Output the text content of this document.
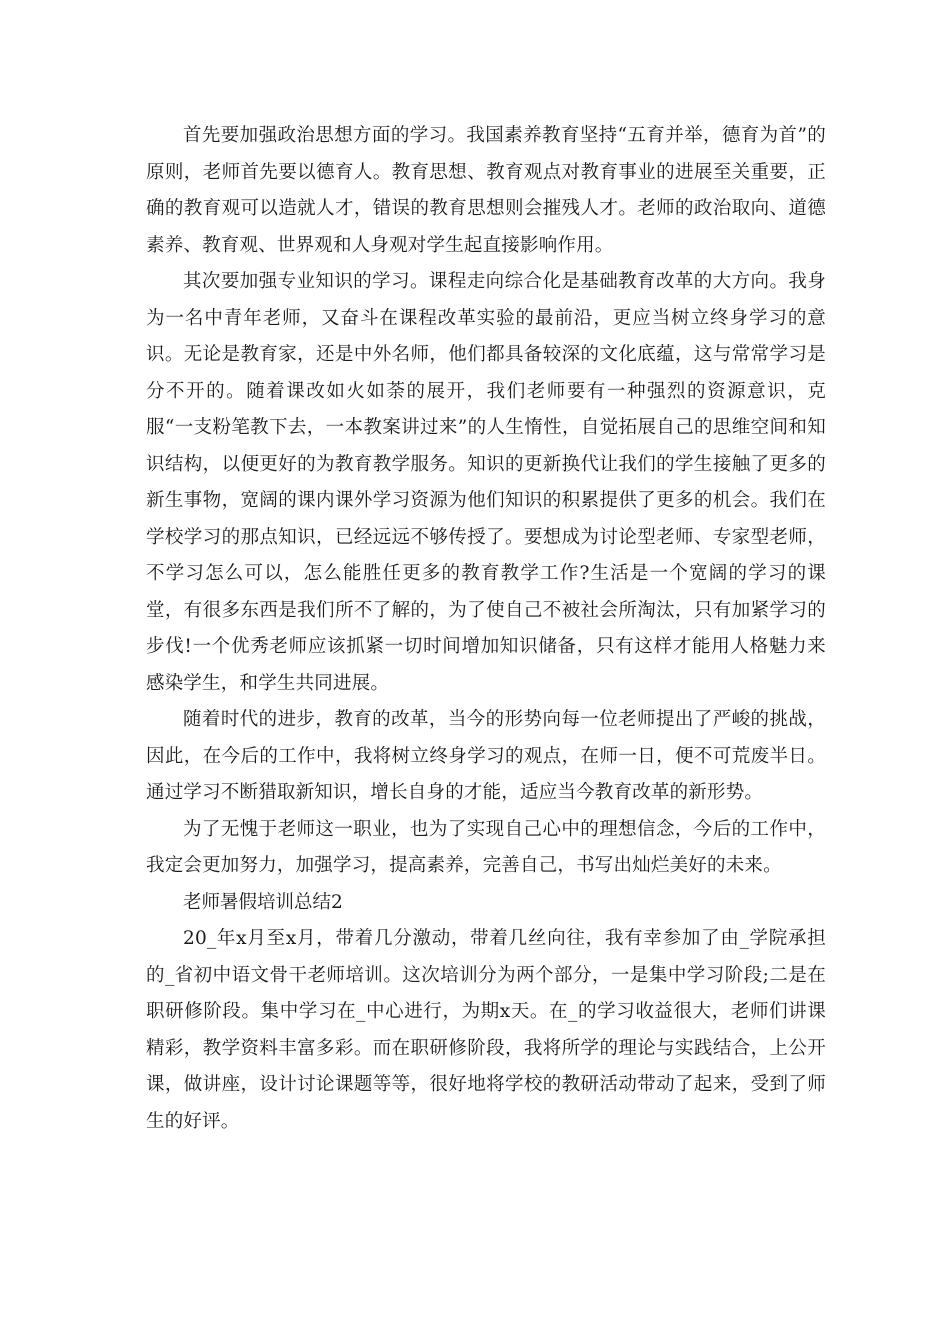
首先要加强政治思想方面的学习。我国素养教育坚持“五育并举，德育为首”的原则，老师首先要以德育人。教育思想、教育观点对教育事业的进展至关重要，正确的教育观可以造就人才，错误的教育思想则会摧残人才。老师的政治取向、道德素养、教育观、世界观和人身观对学生起直接影响作用。

其次要加强专业知识的学习。课程走向综合化是基础教育改革的大方向。我身为一名中青年老师，又奋斗在课程改革实验的最前沿，更应当树立终身学习的意识。无论是教育家，还是中外名师，他们都具备较深的文化底蕴，这与常常学习是分不开的。随着课改如火如荼的展开，我们老师要有一种强烈的资源意识，克服“一支粉笔教下去，一本教案讲过来”的人生惰性，自觉拓展自己的思维空间和知识结构，以便更好的为教育教学服务。知识的更新换代让我们的学生接触了更多的新生事物，宽阔的课内课外学习资源为他们知识的积累提供了更多的机会。我们在学校学习的那点知识，已经远远不够传授了。要想成为讨论型老师、专家型老师，不学习怎么可以，怎么能胜任更多的教育教学工作?生活是一个宽阔的学习的课堂，有很多东西是我们所不了解的，为了使自己不被社会所淘汰，只有加紧学习的步伐!一个优秀老师应该抓紧一切时间增加知识储备，只有这样才能用人格魅力来感染学生，和学生共同进展。

随着时代的进步，教育的改革，当今的形势向每一位老师提出了严峻的挑战，因此，在今后的工作中，我将树立终身学习的观点，在师一日，便不可荒废半日。通过学习不断猎取新知识，增长自身的才能，适应当今教育改革的新形势。

为了无愧于老师这一职业，也为了实现自己心中的理想信念，今后的工作中，我定会更加努力，加强学习，提高素养，完善自己，书写出灿烂美好的未来。

老师暑假培训总结2

20_年x月至x月，带着几分激动，带着几丝向往，我有幸参加了由_学院承担的_省初中语文骨干老师培训。这次培训分为两个部分，一是集中学习阶段;二是在职研修阶段。集中学习在_中心进行，为期x天。在_的学习收益很大，老师们讲课精彩，教学资料丰富多彩。而在职研修阶段，我将所学的理论与实践结合，上公开课，做讲座，设计讨论课题等等，很好地将学校的教研活动带动了起来，受到了师生的好评。
